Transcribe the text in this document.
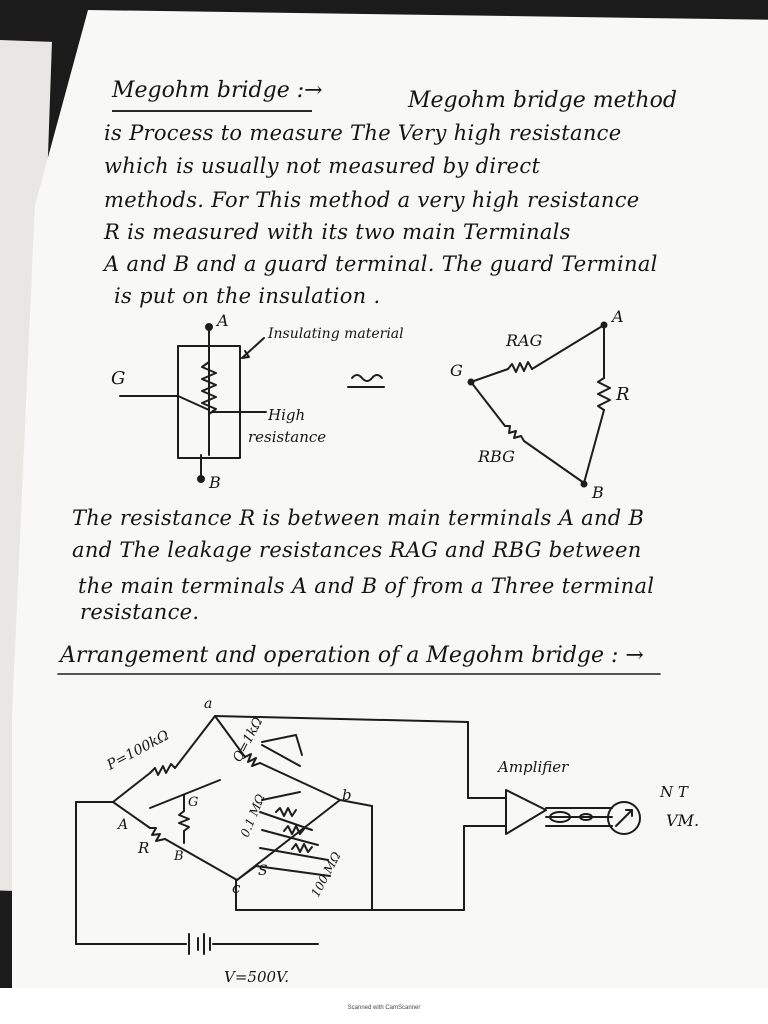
Megohm bridge :→	Megohm bridge method
is Process to measure The Very high resistance
which is usually not measured by direct
methods. For This method a very high resistance
R is measured with its two main Terminals
A and B and a guard terminal. The guard Terminal
is put on the insulation .
A
B
G
Insulating material
High
resistance
A
B
G
RAG
R
RBG
a
b
c
A
B
P=100kΩ	Q=1kΩ
R
G
S
0.1 MΩ
100 MΩ
Amplifier
N T
VM.
V=500V.
The resistance R is between main terminals A and B
and The leakage resistances RAG and RBG between
the main terminals A and B of from a Three terminal
resistance.
Arrangement and operation of a Megohm bridge : →
Scanned with CamScanner
